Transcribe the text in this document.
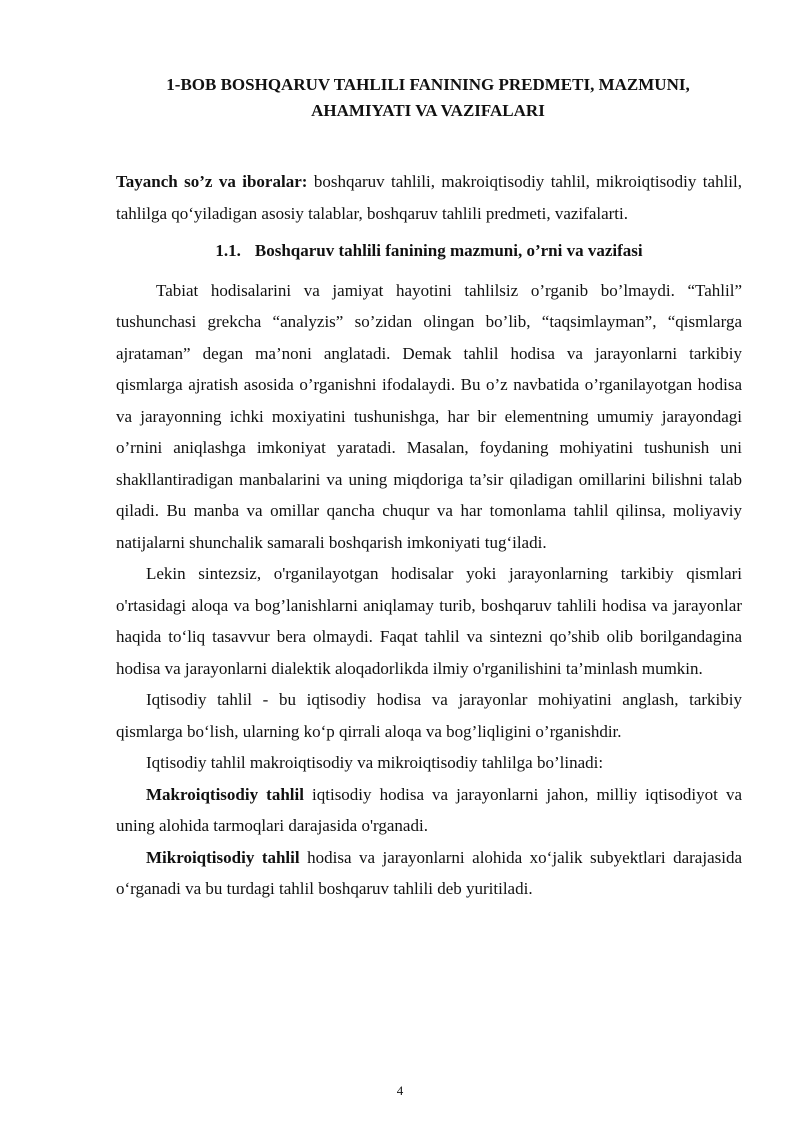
1-BOB BOSHQARUV TAHLILI FANINING PREDMETI, MAZMUNI,
AHAMIYATI VA VAZIFALARI

Tayanch so’z va iboralar: boshqaruv tahlili, makroiqtisodiy tahlil, mikroiqtisodiy tahlil, tahlilga qo‘yiladigan asosiy talablar, boshqaruv tahlili predmeti, vazifalarti.

1.1. Boshqaruv tahlili fanining mazmuni, o’rni va vazifasi

Tabiat hodisalarini va jamiyat hayotini tahlilsiz o’rganib bo’lmaydi. “Tahlil” tushunchasi grekcha “analyzis” so’zidan olingan bo’lib, “taqsimlayman”, “qismlarga ajrataman” degan ma’noni anglatadi. Demak tahlil hodisa va jarayonlarni tarkibiy qismlarga ajratish asosida o’rganishni ifodalaydi. Bu o’z navbatida o’rganilayotgan hodisa va jarayonning ichki moxiyatini tushunishga, har bir elementning umumiy jarayondagi o’rnini aniqlashga imkoniyat yaratadi. Masalan, foydaning mohiyatini tushunish uni shakllantiradigan manbalarini va uning miqdoriga ta’sir qiladigan omillarini bilishni talab qiladi. Bu manba va omillar qancha chuqur va har tomonlama tahlil qilinsa, moliyaviy natijalarni shunchalik samarali boshqarish imkoniyati tug‘iladi.

Lekin sintezsiz, o'rganilayotgan hodisalar yoki jarayonlarning tarkibiy qismlari o'rtasidagi aloqa va bog’lanishlarni aniqlamay turib, boshqaruv tahlili hodisa va jarayonlar haqida to‘liq tasavvur bera olmaydi. Faqat tahlil va sintezni qo’shib olib borilgandagina hodisa va jarayonlarni dialektik aloqadorlikda ilmiy o'rganilishini ta’minlash mumkin.

Iqtisodiy tahlil - bu iqtisodiy hodisa va jarayonlar mohiyatini anglash, tarkibiy qismlarga bo‘lish, ularning ko‘p qirrali aloqa va bog’liqligini o’rganishdir.

Iqtisodiy tahlil makroiqtisodiy va mikroiqtisodiy tahlilga bo’linadi:

Makroiqtisodiy tahlil iqtisodiy hodisa va jarayonlarni jahon, milliy iqtisodiyot va uning alohida tarmoqlari darajasida o'rganadi.

Mikroiqtisodiy tahlil hodisa va jarayonlarni alohida xo‘jalik subyektlari darajasida o‘rganadi va bu turdagi tahlil boshqaruv tahlili deb yuritiladi.

4
